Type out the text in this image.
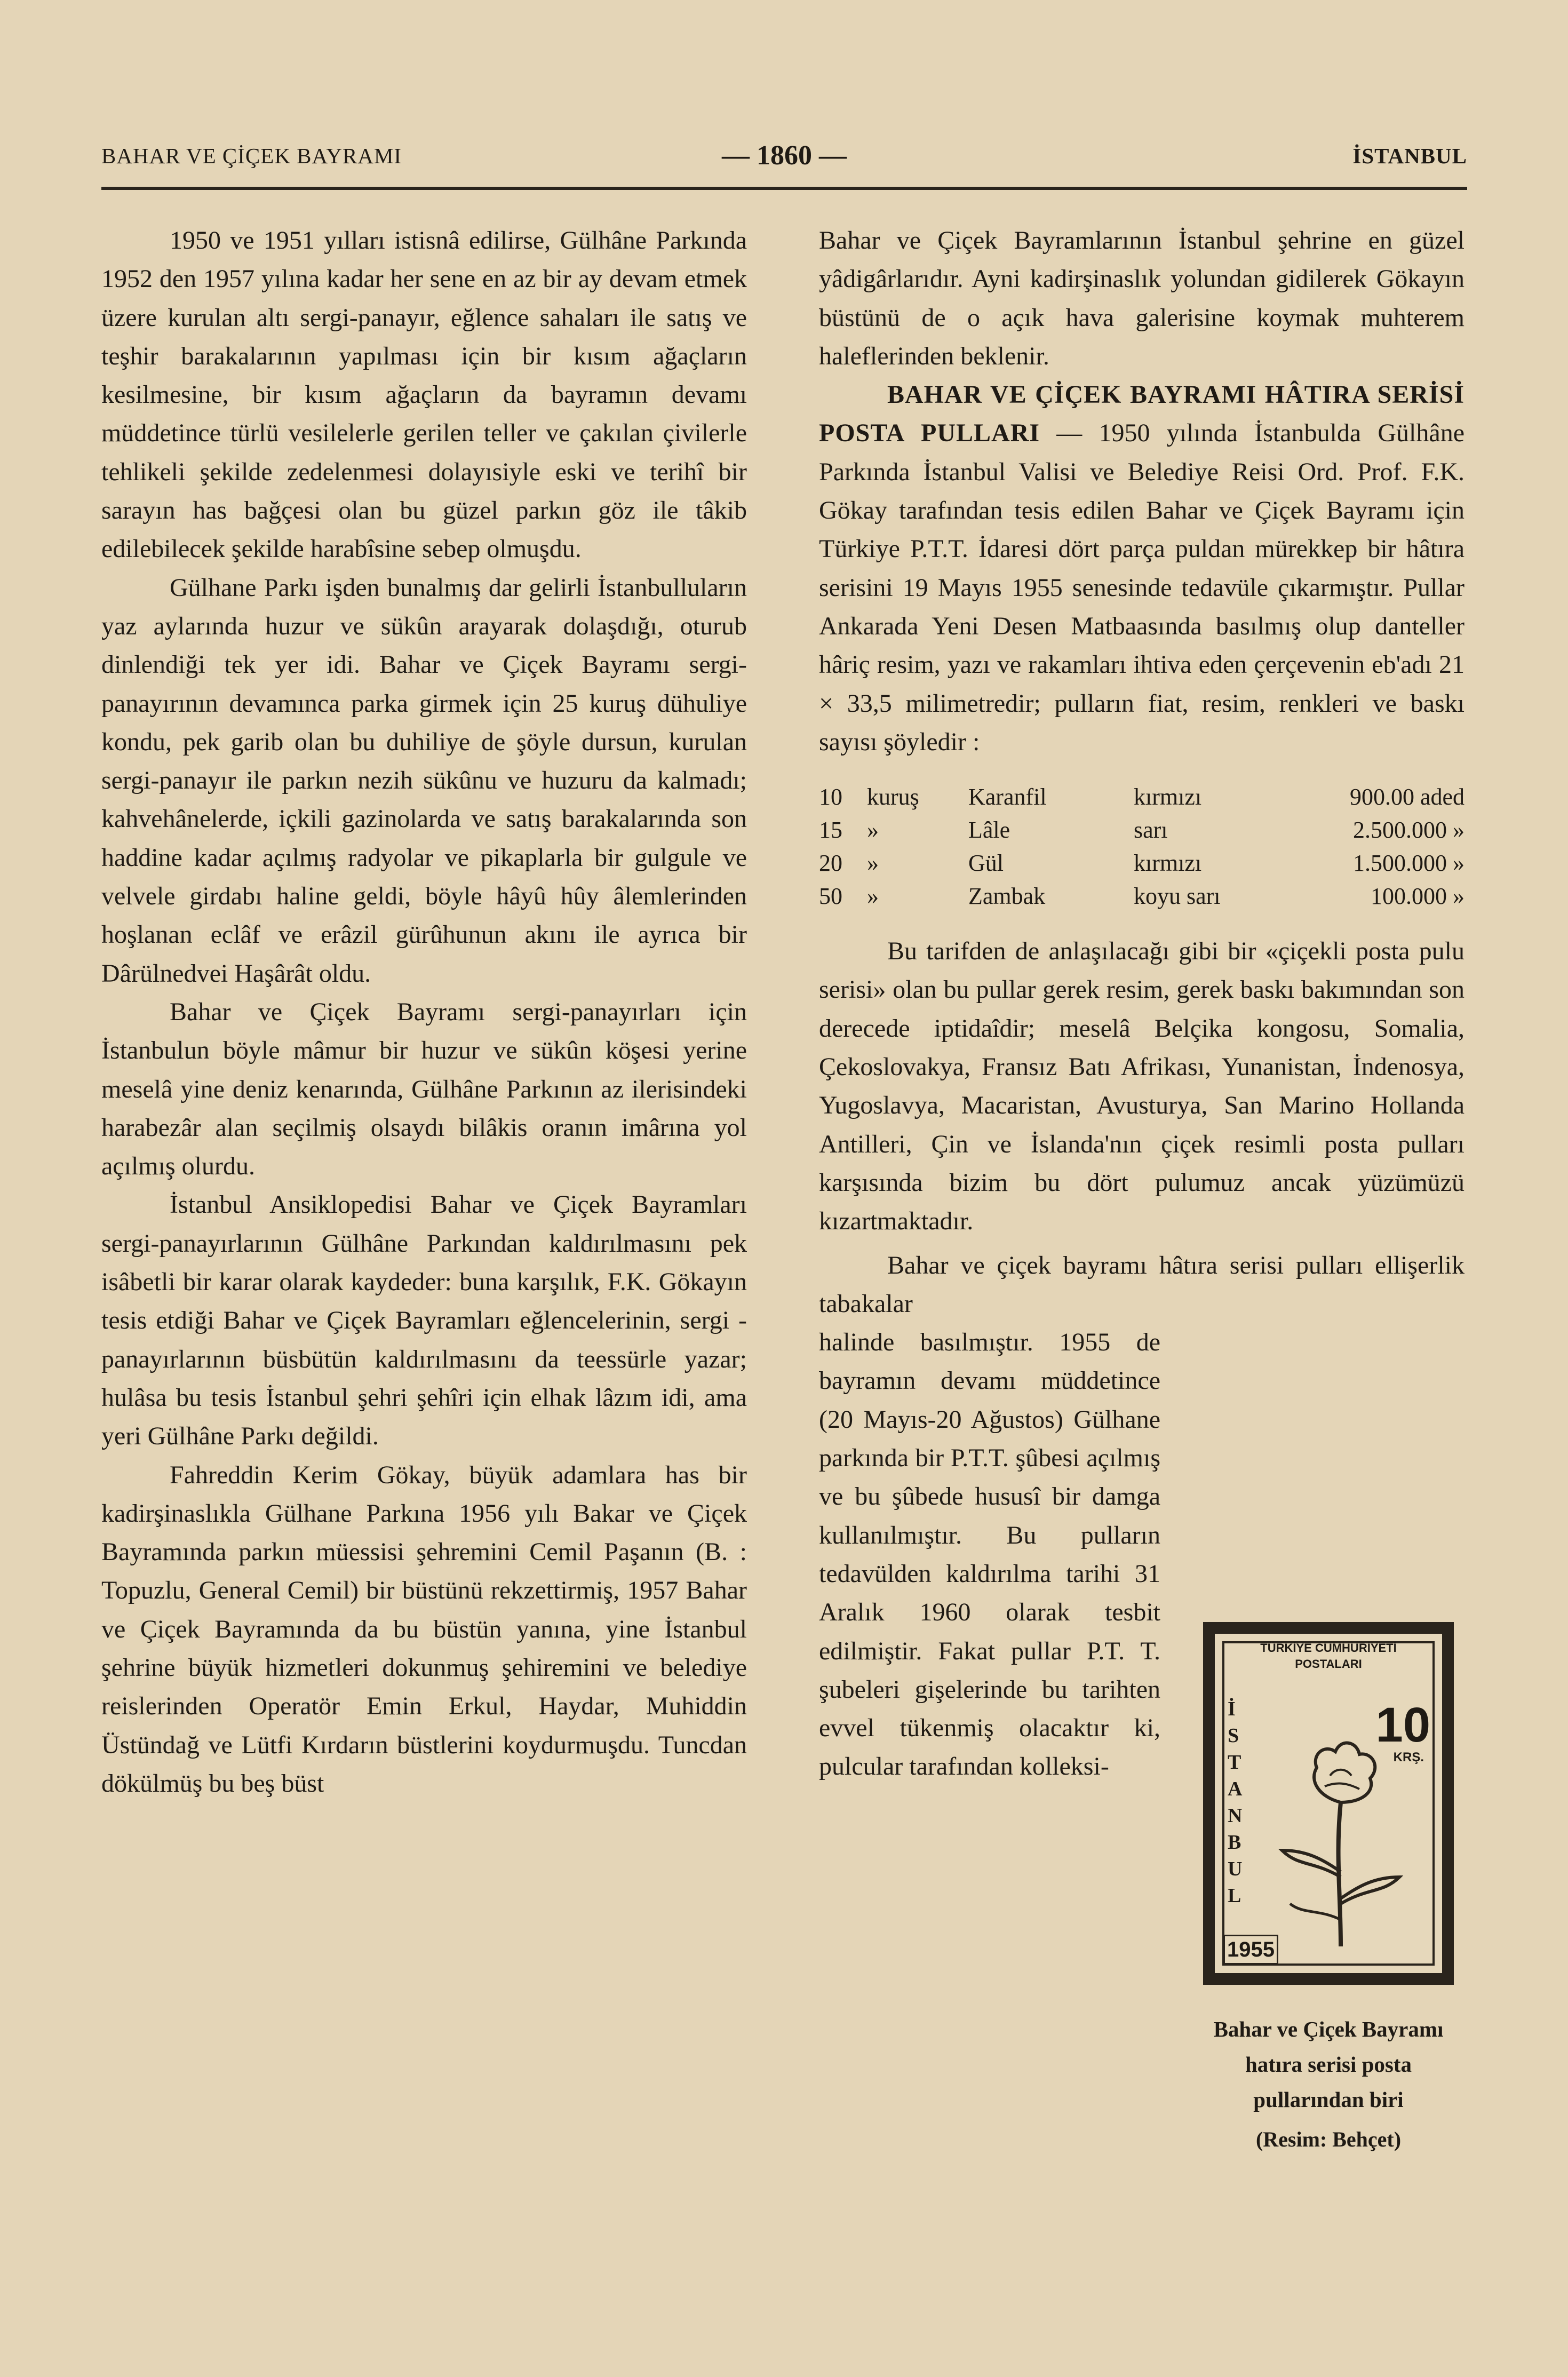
BAHAR VE ÇİÇEK BAYRAMI	— 1860 —	İSTANBUL

1950 ve 1951 yılları istisnâ edilirse, Gülhâne Parkında 1952 den 1957 yılına kadar her sene en az bir ay devam etmek üzere kurulan altı sergi-panayır, eğlence sahaları ile satış ve teşhir barakalarının yapılması için bir kısım ağaçların kesilmesine, bir kısım ağaçların da bayramın devamı müddetince türlü vesilelerle gerilen teller ve çakılan çivilerle tehlikeli şekilde zedelenmesi dolayısiyle eski ve terihî bir sarayın has bağçesi olan bu güzel parkın göz ile tâkib edilebilecek şekilde harabîsine sebep olmuşdu.

Gülhane Parkı işden bunalmış dar gelirli İstanbulluların yaz aylarında huzur ve sükûn arayarak dolaşdığı, oturub dinlendiği tek yer idi. Bahar ve Çiçek Bayramı sergi-panayırının devamınca parka girmek için 25 kuruş dühuliye kondu, pek garib olan bu duhiliye de şöyle dursun, kurulan sergi-panayır ile parkın nezih sükûnu ve huzuru da kalmadı; kahvehânelerde, içkili gazinolarda ve satış barakalarında son haddine kadar açılmış radyolar ve pikaplarla bir gulgule ve velvele girdabı haline geldi, böyle hâyû hûy âlemlerinden hoşlanan eclâf ve erâzil gürûhunun akını ile ayrıca bir Dârülnedvei Haşârât oldu.

Bahar ve Çiçek Bayramı sergi-panayırları için İstanbulun böyle mâmur bir huzur ve sükûn köşesi yerine meselâ yine deniz kenarında, Gülhâne Parkının az ilerisindeki harabezâr alan seçilmiş olsaydı bilâkis oranın imârına yol açılmış olurdu.

İstanbul Ansiklopedisi Bahar ve Çiçek Bayramları sergi-panayırlarının Gülhâne Parkından kaldırılmasını pek isâbetli bir karar olarak kaydeder: buna karşılık, F.K. Gökayın tesis etdiği Bahar ve Çiçek Bayramları eğlencelerinin, sergi - panayırlarının büsbütün kaldırılmasını da teessürle yazar; hulâsa bu tesis İstanbul şehri şehîri için elhak lâzım idi, ama yeri Gülhâne Parkı değildi.

Fahreddin Kerim Gökay, büyük adamlara has bir kadirşinaslıkla Gülhane Parkına 1956 yılı Bakar ve Çiçek Bayramında parkın müessisi şehremini Cemil Paşanın (B. : Topuzlu, General Cemil) bir büstünü rekzettirmiş, 1957 Bahar ve Çiçek Bayramında da bu büstün yanına, yine İstanbul şehrine büyük hizmetleri dokunmuş şehiremini ve belediye reislerinden Operatör Emin Erkul, Haydar, Muhiddin Üstündağ ve Lütfi Kırdarın büstlerini koydurmuşdu. Tuncdan dökülmüş bu beş büst

Bahar ve Çiçek Bayramlarının İstanbul şehrine en güzel yâdigârlarıdır. Ayni kadirşinaslık yolundan gidilerek Gökayın büstünü de o açık hava galerisine koymak muhterem haleflerinden beklenir.

BAHAR VE ÇİÇEK BAYRAMI HÂTIRA SERİSİ POSTA PULLARI — 1950 yılında İstanbulda Gülhâne Parkında İstanbul Valisi ve Belediye Reisi Ord. Prof. F.K. Gökay tarafından tesis edilen Bahar ve Çiçek Bayramı için Türkiye P.T.T. İdaresi dört parça puldan mürekkep bir hâtıra serisini 19 Mayıs 1955 senesinde tedavüle çıkarmıştır. Pullar Ankarada Yeni Desen Matbaasında basılmış olup danteller hâriç resim, yazı ve rakamları ihtiva eden çerçevenin eb'adı 21 × 33,5 milimetredir; pulların fiat, resim, renkleri ve baskı sayısı şöyledir :

10	kuruş	Karanfil	kırmızı	900.00 aded
15	»	Lâle	sarı	2.500.000 »
20	»	Gül	kırmızı	1.500.000 »
50	»	Zambak	koyu sarı	100.000 »

Bu tarifden de anlaşılacağı gibi bir «çiçekli posta pulu serisi» olan bu pullar gerek resim, gerek baskı bakımından son derecede iptidaîdir; meselâ Belçika kongosu, Somalia, Çekoslovakya, Fransız Batı Afrikası, Yunanistan, İndenosya, Yugoslavya, Macaristan, Avusturya, San Marino Hollanda Antilleri, Çin ve İslanda'nın çiçek resimli posta pulları karşısında bizim bu dört pulumuz ancak yüzümüzü kızartmaktadır.

Bahar ve çiçek bayramı hâtıra serisi pulları ellişerlik tabakalar

halinde basılmıştır. 1955 de bayramın devamı müddetince (20 Mayıs-20 Ağustos) Gülhane parkında bir P.T.T. şûbesi açılmış ve bu şûbede hususî bir damga kullanılmıştır. Bu pulların tedavülden kaldırılma tarihi 31 Aralık 1960 olarak tesbit edilmiştir. Fakat pullar P.T. T. şubeleri gişelerinde bu tarihten evvel tükenmiş olacaktır ki, pulcular tarafından kolleksi-

TÜRKİYE CUMHURİYETİ
POSTALARI
İ
S
T
A
N
B
U
L
10
KRŞ.
1955
Bahar ve Çiçek Bayramı hatıra serisi posta pullarından biri
(Resim: Behçet)
